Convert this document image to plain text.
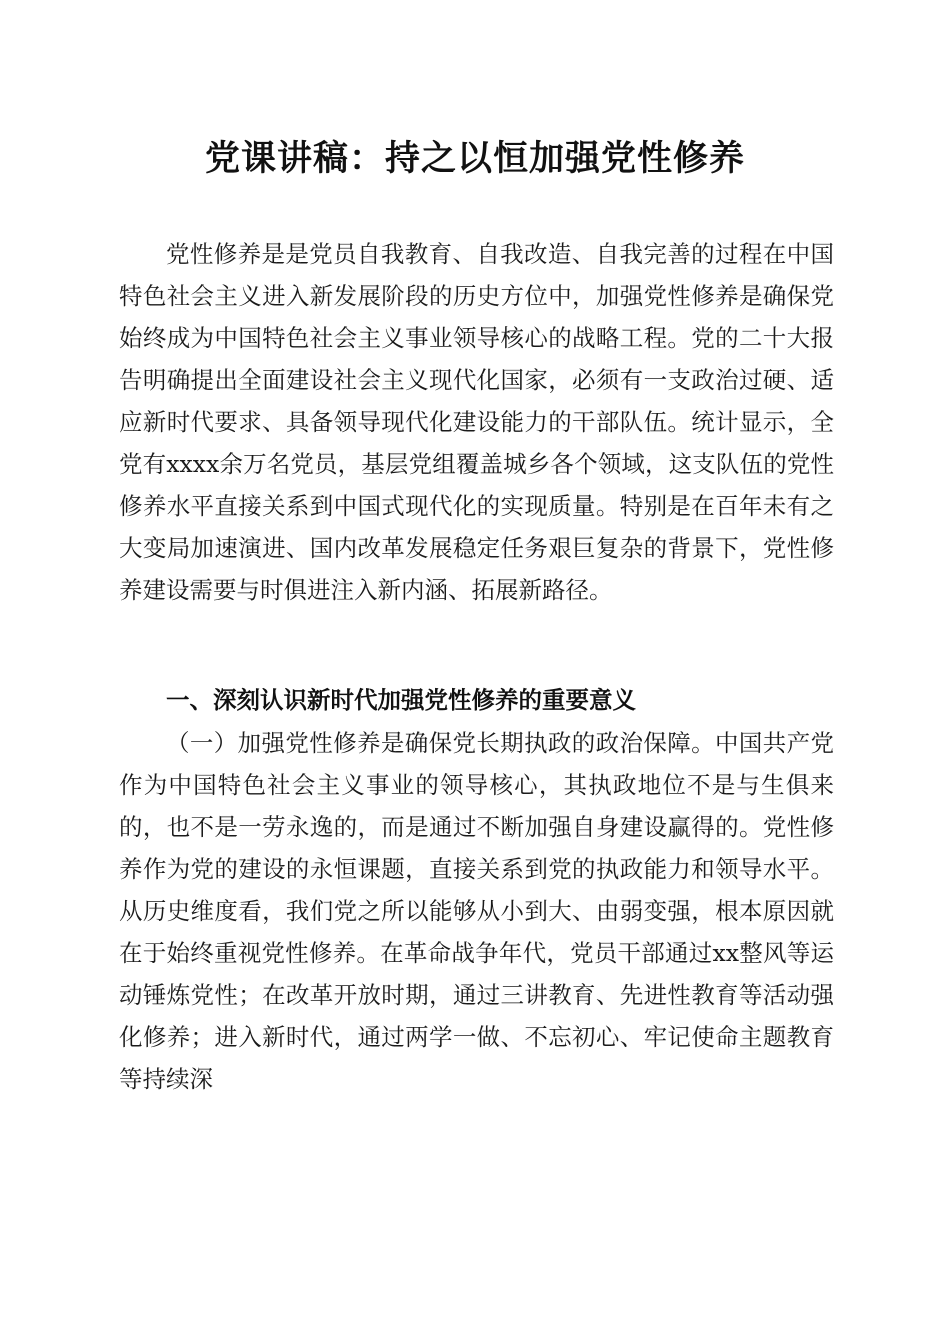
党课讲稿：持之以恒加强党性修养

党性修养是是党员自我教育、自我改造、自我完善的过程在中国特色社会主义进入新发展阶段的历史方位中，加强党性修养是确保党始终成为中国特色社会主义事业领导核心的战略工程。党的二十大报告明确提出全面建设社会主义现代化国家，必须有一支政治过硬、适应新时代要求、具备领导现代化建设能力的干部队伍。统计显示，全党有xxxx余万名党员，基层党组覆盖城乡各个领域，这支队伍的党性修养水平直接关系到中国式现代化的实现质量。特别是在百年未有之大变局加速演进、国内改革发展稳定任务艰巨复杂的背景下，党性修养建设需要与时俱进注入新内涵、拓展新路径。

一、深刻认识新时代加强党性修养的重要意义

（一）加强党性修养是确保党长期执政的政治保障。中国共产党作为中国特色社会主义事业的领导核心，其执政地位不是与生俱来的，也不是一劳永逸的，而是通过不断加强自身建设赢得的。党性修养作为党的建设的永恒课题，直接关系到党的执政能力和领导水平。从历史维度看，我们党之所以能够从小到大、由弱变强，根本原因就在于始终重视党性修养。在革命战争年代，党员干部通过xx整风等运动锤炼党性；在改革开放时期，通过三讲教育、先进性教育等活动强化修养；进入新时代，通过两学一做、不忘初心、牢记使命主题教育等持续深
